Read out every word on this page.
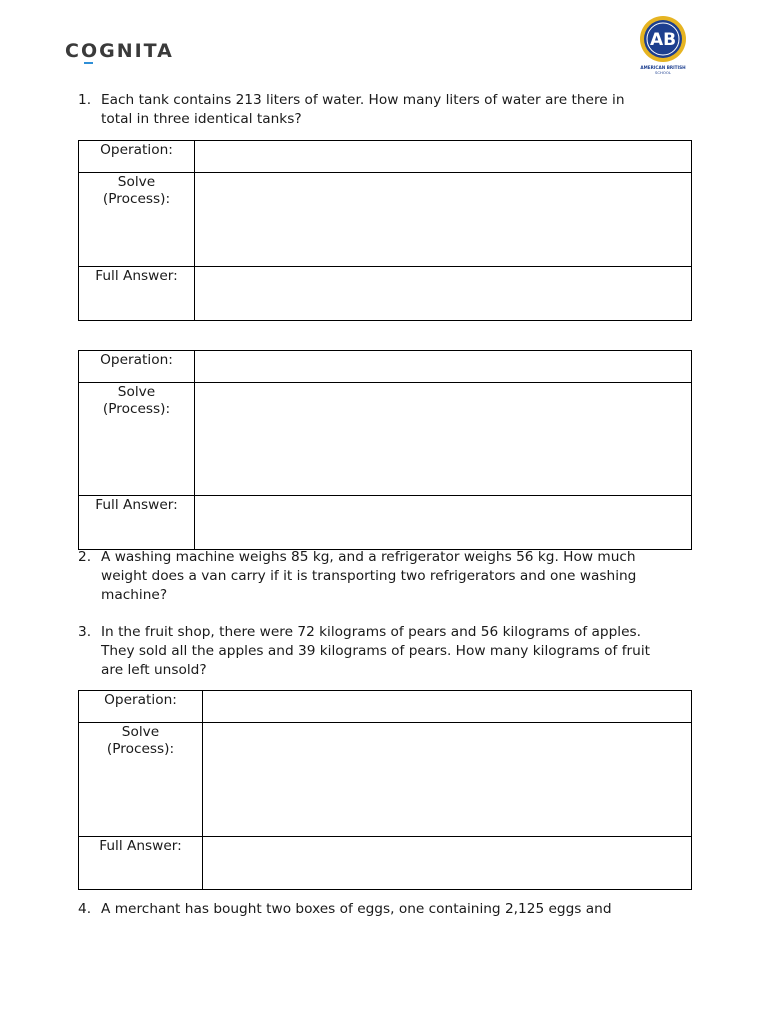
COGNITA	AB
AMERICAN BRITISH
SCHOOL
1. Each tank contains 213 liters of water. How many liters of water are there in
total in three identical tanks?
Operation:	
Solve
(Process):	
Full Answer:	
Operation:	
Solve
(Process):	
Full Answer:	
2. A washing machine weighs 85 kg, and a refrigerator weighs 56 kg. How much
weight does a van carry if it is transporting two refrigerators and one washing
machine?
3. In the fruit shop, there were 72 kilograms of pears and 56 kilograms of apples.
They sold all the apples and 39 kilograms of pears. How many kilograms of fruit
are left unsold?
Operation:	
Solve
(Process):	
Full Answer:	
4. A merchant has bought two boxes of eggs, one containing 2,125 eggs and
